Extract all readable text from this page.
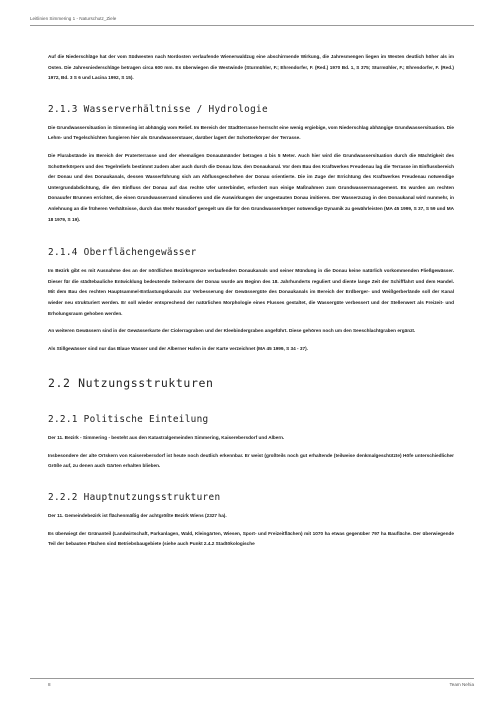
Leitlinien Simmering 1 - Naturschutz_Ziele

Auf die Niederschläge hat der vom Südwesten nach Nordosten verlaufende Wienerwaldzug eine abschirmende Wirkung, die Jahresmengen liegen im Westen deutlich höher als im Osten. Die Jahresniederschläge betragen circa 600 mm. Es überwiegen die Westwinde (Sturmühler, F.; Ehrendorfer, F. (Red.) 1970 Bd. 1, S 375; Sturmühler, F.; Ehrendorfer, F. (Red.) 1972, Bd. 3 S 6 und Lacina 1992, S 15).

2.1.3 Wasserverhältnisse / Hydrologie

Die Grundwassersituation in Simmering ist abhängig vom Relief. Im Bereich der Stadtterrasse herrscht eine wenig ergiebige, vom Niederschlag abhängige Grundwassersituation. Die Lehm- und Tegelschichten fungieren hier als Grundwasserstauer, darüber lagert der Schotterkörper der Terrasse.

Die Flurabstände im Bereich der Praterterrasse und der ehemaligen Donauämänder betragen 4 bis 5 Meter. Auch hier wird die Grundwassersituation durch die Mächtigkeit des Schotterkörpers und des Tegelreliefs bestimmt zudem aber auch durch die Donau bzw. den Donaukanal. Vor dem Bau des Kraftwerkes Freudenau lag die Terrasse im Einflussbereich der Donau und des Donaukanals, dessen Wasserführung sich am Abflussgeschehen der Donau orientierte. Die im Zuge der Errichtung des Kraftwerkes Freudenau notwendige Untergrundabdichtung, die den Einfluss der Donau auf das rechte Ufer unterbindet, erfordert nun einige Maßnahmen zum Grundwassermanagement. Es wurden am rechten Donauufer Brunnen errichtet, die einen Grundwasserrand simulieren und die Auswirkungen der ungestauten Donau imitieren. Der Wasserzuzug in den Donaukanal wird nunmehr, in Anlehnung an die früheren Verhältnisse, durch das Wehr Nussdorf geregelt um die für den Grundwasserkörper notwendige Dynamik zu gewährleisten (MA 45 1999, S 37, S 59 und MA 18 1979, S 19).

2.1.4 Oberflächengewässer

Im Bezirk gibt es mit Ausnahme des an der nördlichen Bezirksgrenze verlaufenden Donaukanals und seiner Mündung in die Donau keine natürlich vorkommenden Fließgewässer. Dieser für die städtebauliche Entwicklung bedeutende Seitenarm der Donau wurde am Beginn des 18. Jahrhunderts reguliert und diente lange Zeit der Schifffahrt und dem Handel. Mit dem Bau des rechten Hauptsammel-Entlastungskanals zur Verbesserung der Gewässergüte des Donaukanals im Bereich der Erdberger- und Weißgerberlände soll der Kanal wieder neu strukturiert werden. Er soll wieder entsprechend der natürlichen Morphologie eines Flusses gestaltet, die Wassergüte verbessert und der Stellenwert als Freizeit- und Erholungsraum gehoben werden.

An weiteren Gewässern sind in der Gewässerkarte der Ciolerragraben und der Kleebindergraben angeführt. Diese gehören noch um den Seeschlachtgraben ergänzt.

Als Stillgewässer sind nur das Blaue Wasser und der Alberner Hafen in der Karte verzeichnet (MA 45 1999, S 34 - 37).

2.2 Nutzungsstrukturen
2.2.1 Politische Einteilung

Der 11. Bezirk - Simmering - besteht aus den Katastralgemeinden Simmering, Kaiserebersdorf und Albern.

Insbesondere der alte Ortskern von Kaiserebersdorf ist heute noch deutlich erkennbar. Er weist (großteils noch gut erhaltende (teilweise denkmalgeschützte) Höfe unterschiedlicher Größe auf, zu denen auch Gärten erhalten blieben.

2.2.2 Hauptnutzungsstrukturen

Der 11. Gemeindebezirk ist flächenmäßig der achtgrößte Bezirk Wiens (2327 ha).

Es überwiegt der Grünanteil (Landwirtschaft, Parkanlagen, Wald, Kleingärten, Wiesen, Sport- und Freizeitflächen) mit 1070 ha etwas gegenüber 797 ha Baufläche. Der überwiegende Teil der bebauten Flächen sind Betriebsbaugebiete (siehe auch Punkt 2.4.2 Stadtökologische

8	Team Nehia
